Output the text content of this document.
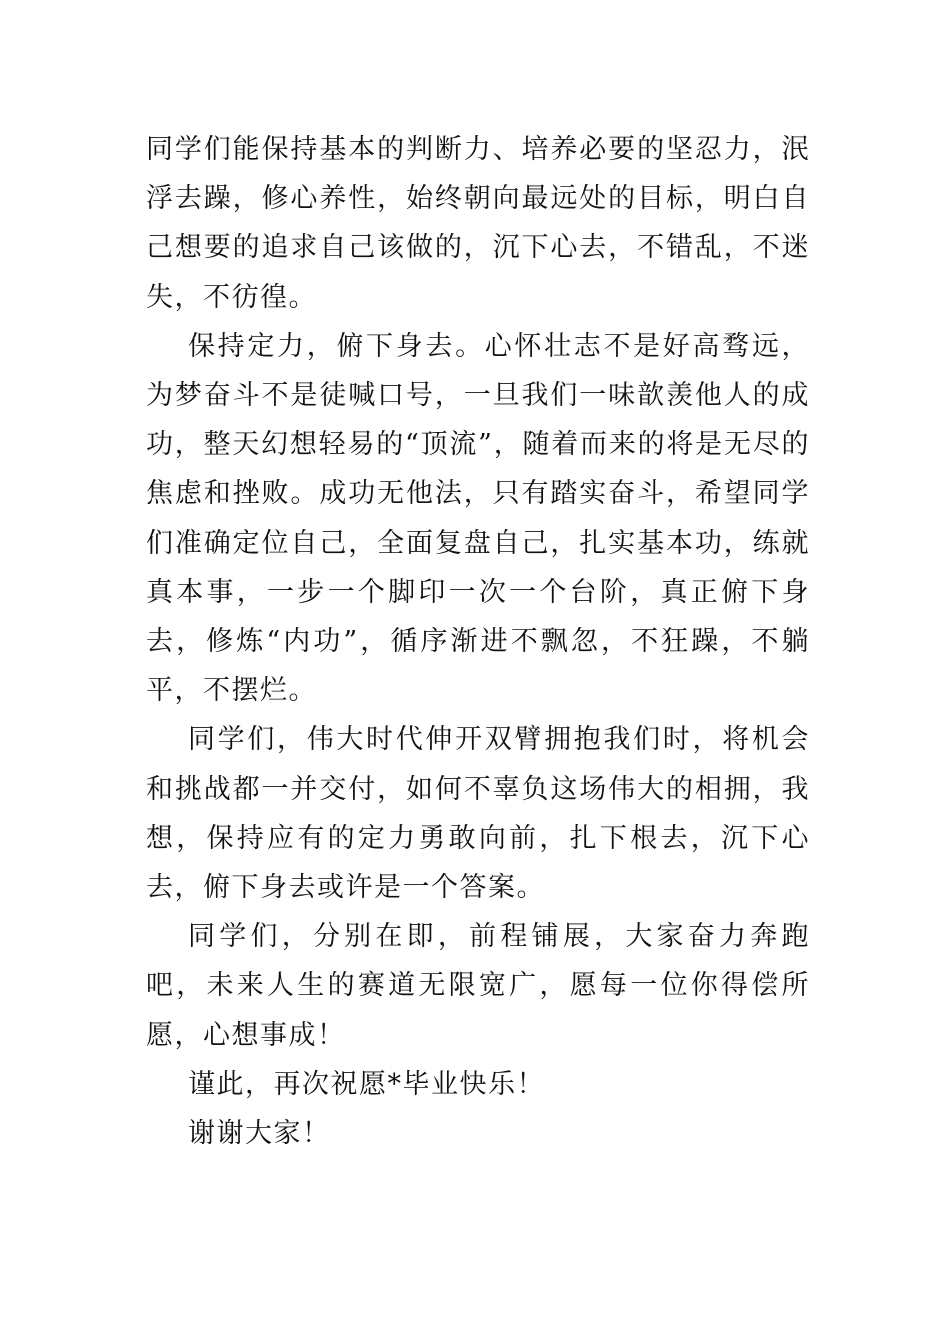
同学们能保持基本的判断力、培养必要的坚忍力，泯浮去躁，修心养性，始终朝向最远处的目标，明白自己想要的追求自己该做的，沉下心去，不错乱，不迷失，不彷徨。

保持定力，俯下身去。心怀壮志不是好高骛远，为梦奋斗不是徒喊口号，一旦我们一味歆羡他人的成功，整天幻想轻易的“顶流”，随着而来的将是无尽的焦虑和挫败。成功无他法，只有踏实奋斗，希望同学们准确定位自己，全面复盘自己，扎实基本功，练就真本事，一步一个脚印一次一个台阶，真正俯下身去，修炼“内功”，循序渐进不飘忽，不狂躁，不躺平，不摆烂。

同学们，伟大时代伸开双臂拥抱我们时，将机会和挑战都一并交付，如何不辜负这场伟大的相拥，我想，保持应有的定力勇敢向前，扎下根去，沉下心去，俯下身去或许是一个答案。

同学们，分别在即，前程铺展，大家奋力奔跑吧，未来人生的赛道无限宽广，愿每一位你得偿所愿，心想事成！

谨此，再次祝愿*毕业快乐！

谢谢大家！
